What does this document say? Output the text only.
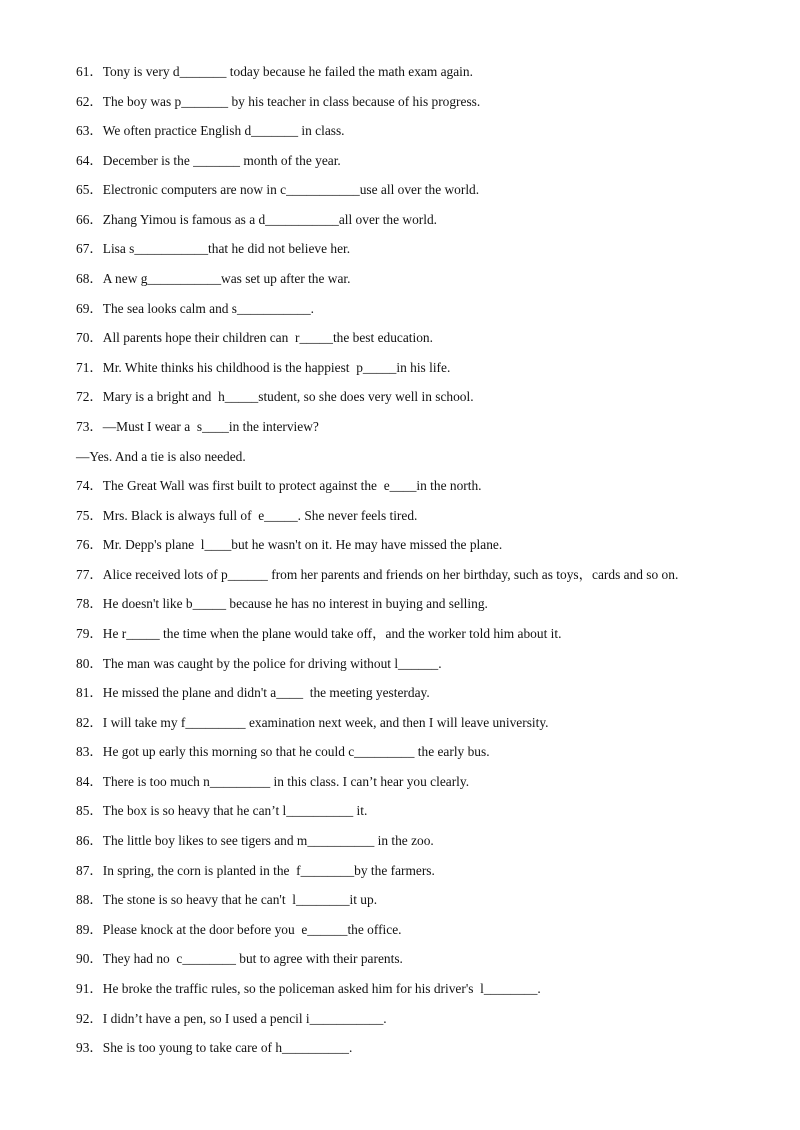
61．Tony is very d_______ today because he failed the math exam again.
62．The boy was p_______ by his teacher in class because of his progress.
63．We often practice English d_______ in class.
64．December is the _______ month of the year.
65．Electronic computers are now in c___________use all over the world.
66．Zhang Yimou is famous as a d___________all over the world.
67．Lisa s___________that he did not believe her.
68．A new g___________was set up after the war.
69．The sea looks calm and s___________.
70．All parents hope their children can  r_____the best education.
71．Mr. White thinks his childhood is the happiest  p_____in his life.
72．Mary is a bright and  h_____student, so she does very well in school.
73．—Must I wear a  s____in the interview?
—Yes. And a tie is also needed.
74．The Great Wall was first built to protect against the  e____in the north.
75．Mrs. Black is always full of  e_____. She never feels tired.
76．Mr. Depp's plane  l____but he wasn't on it. He may have missed the plane.
77．Alice received lots of p______ from her parents and friends on her birthday, such as toys，cards and so on.
78．He doesn't like b_____ because he has no interest in buying and selling.
79．He r_____ the time when the plane would take off，and the worker told him about it.
80．The man was caught by the police for driving without l______.
81．He missed the plane and didn't a____  the meeting yesterday.
82．I will take my f_________ examination next week, and then I will leave university.
83．He got up early this morning so that he could c_________ the early bus.
84．There is too much n_________ in this class. I can’t hear you clearly.
85．The box is so heavy that he can’t l__________ it.
86．The little boy likes to see tigers and m__________ in the zoo.
87．In spring, the corn is planted in the  f________by the farmers.
88．The stone is so heavy that he can't  l________it up.
89．Please knock at the door before you  e______the office.
90．They had no  c________ but to agree with their parents.
91．He broke the traffic rules, so the policeman asked him for his driver's  l________.
92．I didn’t have a pen, so I used a pencil i___________.
93．She is too young to take care of h__________.
